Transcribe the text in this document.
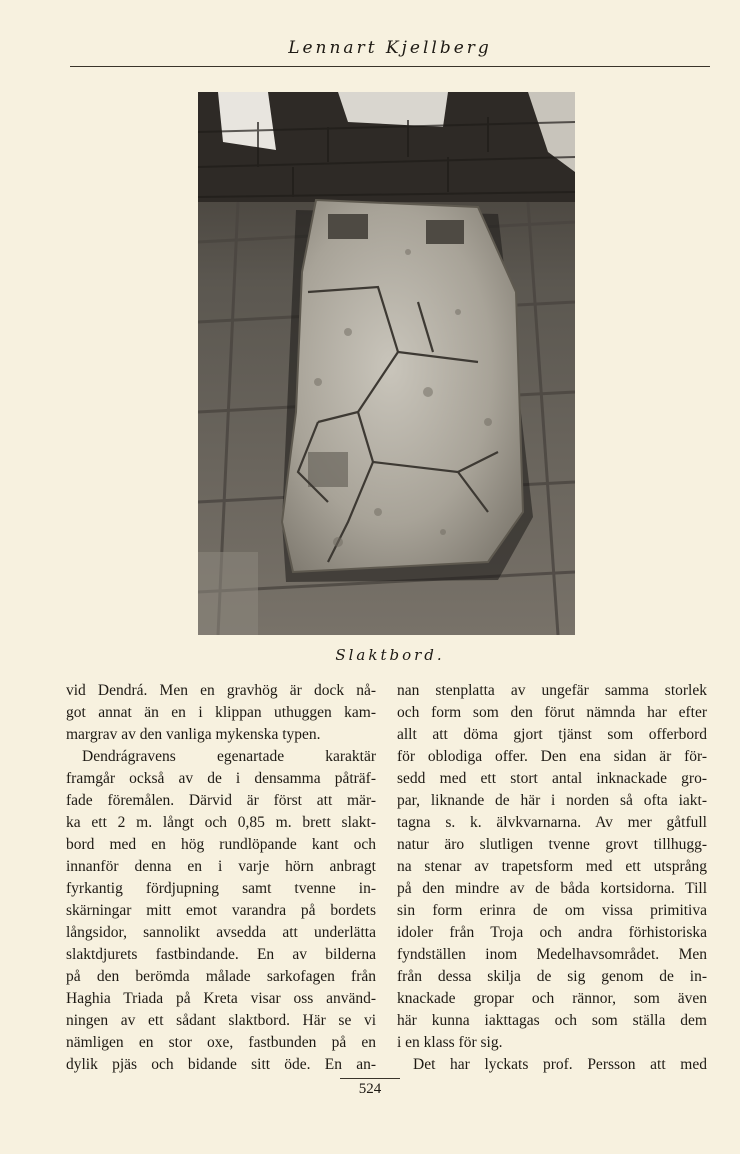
Lennart Kjellberg
Slaktbord.
vid Dendrá. Men en gravhög är dock nå-
got annat än en i klippan uthuggen kam-
margrav av den vanliga mykenska typen.
Dendrágravens egenartade karaktär
framgår också av de i densamma påträf-
fade föremålen. Därvid är först att mär-
ka ett 2 m. långt och 0,85 m. brett slakt-
bord med en hög rundlöpande kant och
innanför denna en i varje hörn anbragt
fyrkantig fördjupning samt tvenne in-
skärningar mitt emot varandra på bordets
långsidor, sannolikt avsedda att underlätta
slaktdjurets fastbindande. En av bilderna
på den berömda målade sarkofagen från
Haghia Triada på Kreta visar oss använd-
ningen av ett sådant slaktbord. Här se vi
nämligen en stor oxe, fastbunden på en
dylik pjäs och bidande sitt öde. En an-
nan stenplatta av ungefär samma storlek
och form som den förut nämnda har efter
allt att döma gjort tjänst som offerbord
för oblodiga offer. Den ena sidan är för-
sedd med ett stort antal inknackade gro-
par, liknande de här i norden så ofta iakt-
tagna s. k. älvkvarnarna. Av mer gåtfull
natur äro slutligen tvenne grovt tillhugg-
na stenar av trapetsform med ett utsprång
på den mindre av de båda kortsidorna. Till
sin form erinra de om vissa primitiva
idoler från Troja och andra förhistoriska
fyndställen inom Medelhavsområdet. Men
från dessa skilja de sig genom de in-
knackade gropar och rännor, som även
här kunna iakttagas och som ställa dem
i en klass för sig.
Det har lyckats prof. Persson att med
524
